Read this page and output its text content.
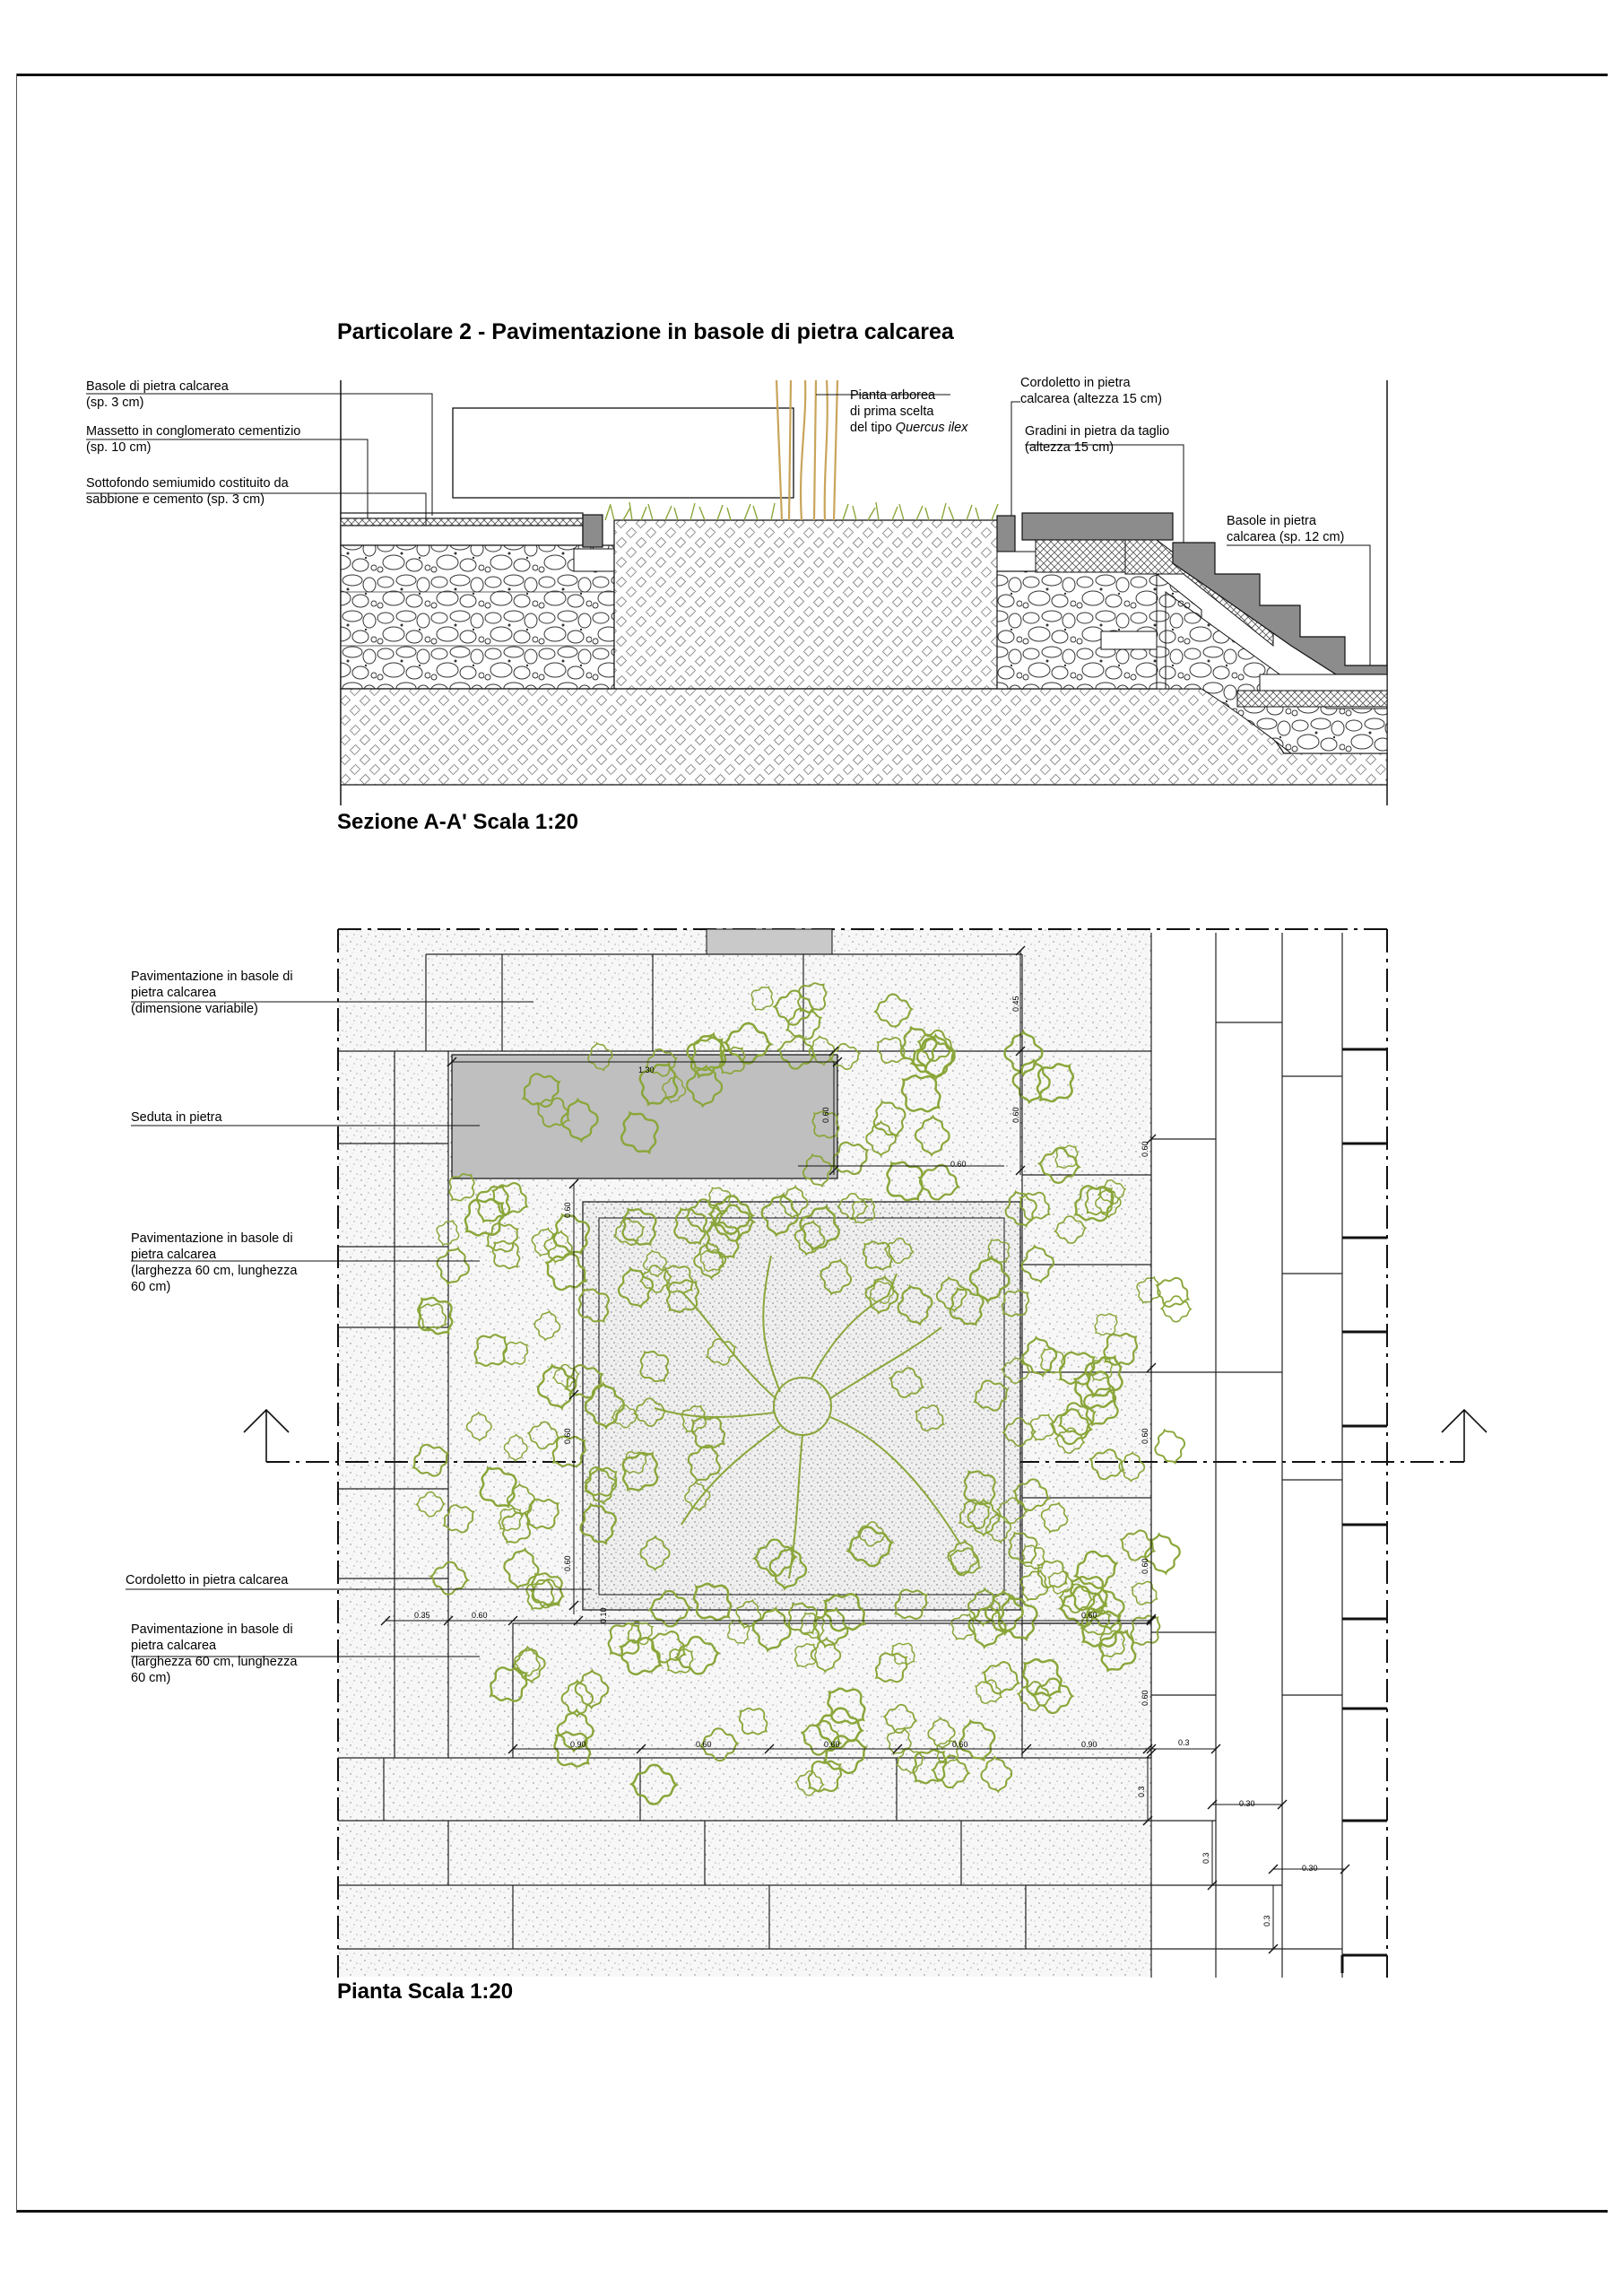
Particolare 2 - Pavimentazione in basole di pietra calcarea
Basole di pietra calcarea
(sp. 3 cm)
Massetto in conglomerato cementizio
(sp. 10 cm)
Sottofondo semiumido costituito da
sabbione e cemento (sp. 3 cm)
Pianta arborea
di prima scelta
del tipo Quercus ilex
Cordoletto in pietra
calcarea (altezza 15 cm)
Gradini in pietra da taglio
(altezza 15 cm)
Basole in pietra
calcarea (sp. 12 cm)
Sezione A-A' Scala 1:20
Pavimentazione in basole di
pietra calcarea
(dimensione variabile)
Seduta in pietra
Pavimentazione in basole di
pietra calcarea
(larghezza 60 cm, lunghezza
60 cm)
Cordoletto in pietra calcarea
Pavimentazione in basole di
pietra calcarea
(larghezza 60 cm, lunghezza
60 cm)
Pianta Scala 1:20
1.30
0.45
0.60	0.60
0.60
0.60
0.60
0.60
0.10
0.60
0.60
0.60
0.60
0.35	0.60	0.60
0.90	0.60	0.60	0.60	0.90	0.3
0.3
0.30
0.3
0.30
0.3
